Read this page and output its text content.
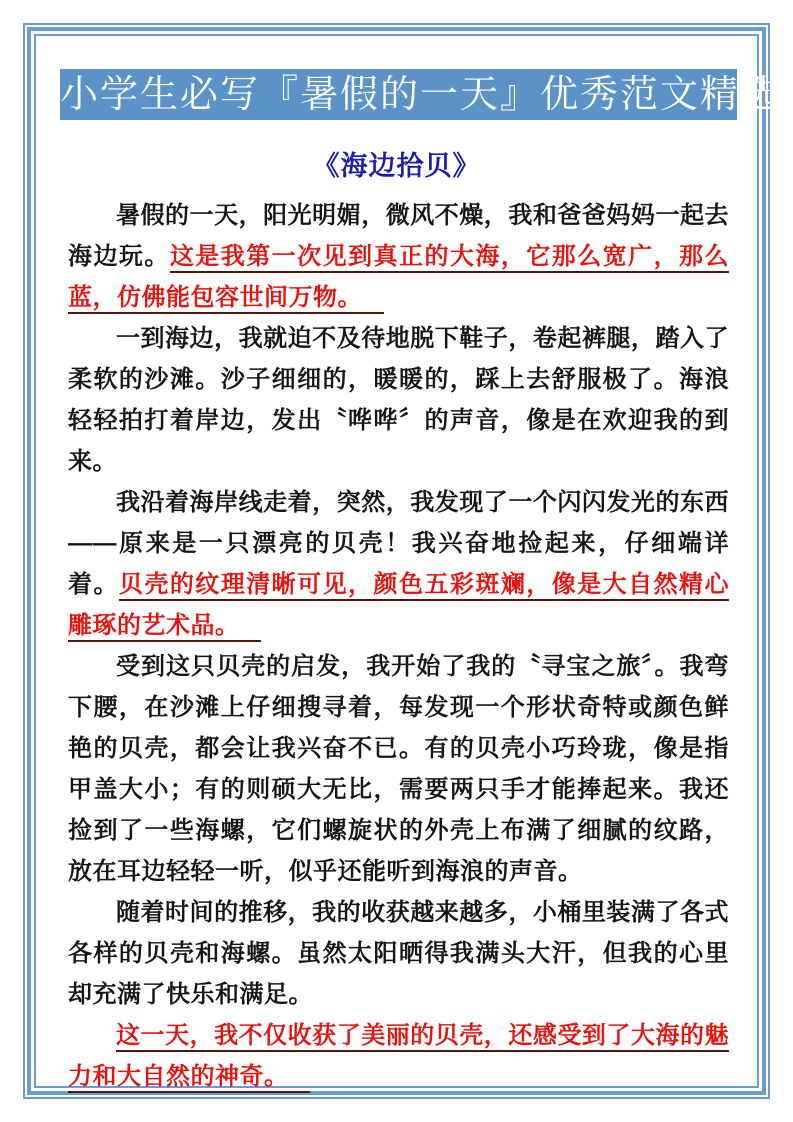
小学生必写『暑假的一天』优秀范文精选
《海边拾贝》

暑假的一天，阳光明媚，微风不燥，我和爸爸妈妈一起去海边玩。这是我第一次见到真正的大海，它那么宽广，那么蓝，仿佛能包容世间万物。

一到海边，我就迫不及待地脱下鞋子，卷起裤腿，踏入了柔软的沙滩。沙子细细的，暖暖的，踩上去舒服极了。海浪轻轻拍打着岸边，发出〝哗哗〞的声音，像是在欢迎我的到来。

我沿着海岸线走着，突然，我发现了一个闪闪发光的东西——原来是一只漂亮的贝壳！我兴奋地捡起来，仔细端详着。贝壳的纹理清晰可见，颜色五彩斑斓，像是大自然精心雕琢的艺术品。

受到这只贝壳的启发，我开始了我的〝寻宝之旅〞。我弯下腰，在沙滩上仔细搜寻着，每发现一个形状奇特或颜色鲜艳的贝壳，都会让我兴奋不已。有的贝壳小巧玲珑，像是指甲盖大小；有的则硕大无比，需要两只手才能捧起来。我还捡到了一些海螺，它们螺旋状的外壳上布满了细腻的纹路，放在耳边轻轻一听，似乎还能听到海浪的声音。

随着时间的推移，我的收获越来越多，小桶里装满了各式各样的贝壳和海螺。虽然太阳晒得我满头大汗，但我的心里却充满了快乐和满足。

这一天，我不仅收获了美丽的贝壳，还感受到了大海的魅力和大自然的神奇。
